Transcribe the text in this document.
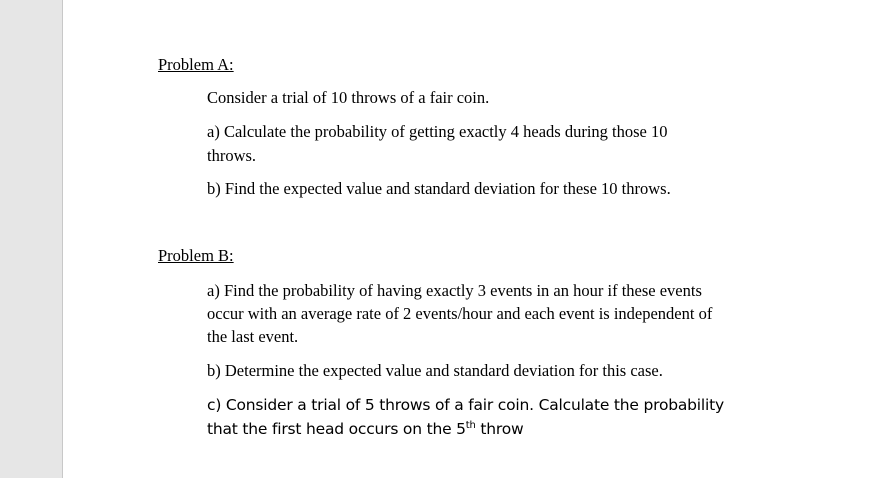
Problem A:
Consider a trial of 10 throws of a fair coin.
a) Calculate the probability of getting exactly 4 heads during those 10
throws.
b) Find the expected value and standard deviation for these 10 throws.
Problem B:
a) Find the probability of having exactly 3 events in an hour if these events
occur with an average rate of 2 events/hour and each event is independent of
the last event.
b) Determine the expected value and standard deviation for this case.
c) Consider a trial of 5 throws of a fair coin. Calculate the probability
that the first head occurs on the 5th throw
